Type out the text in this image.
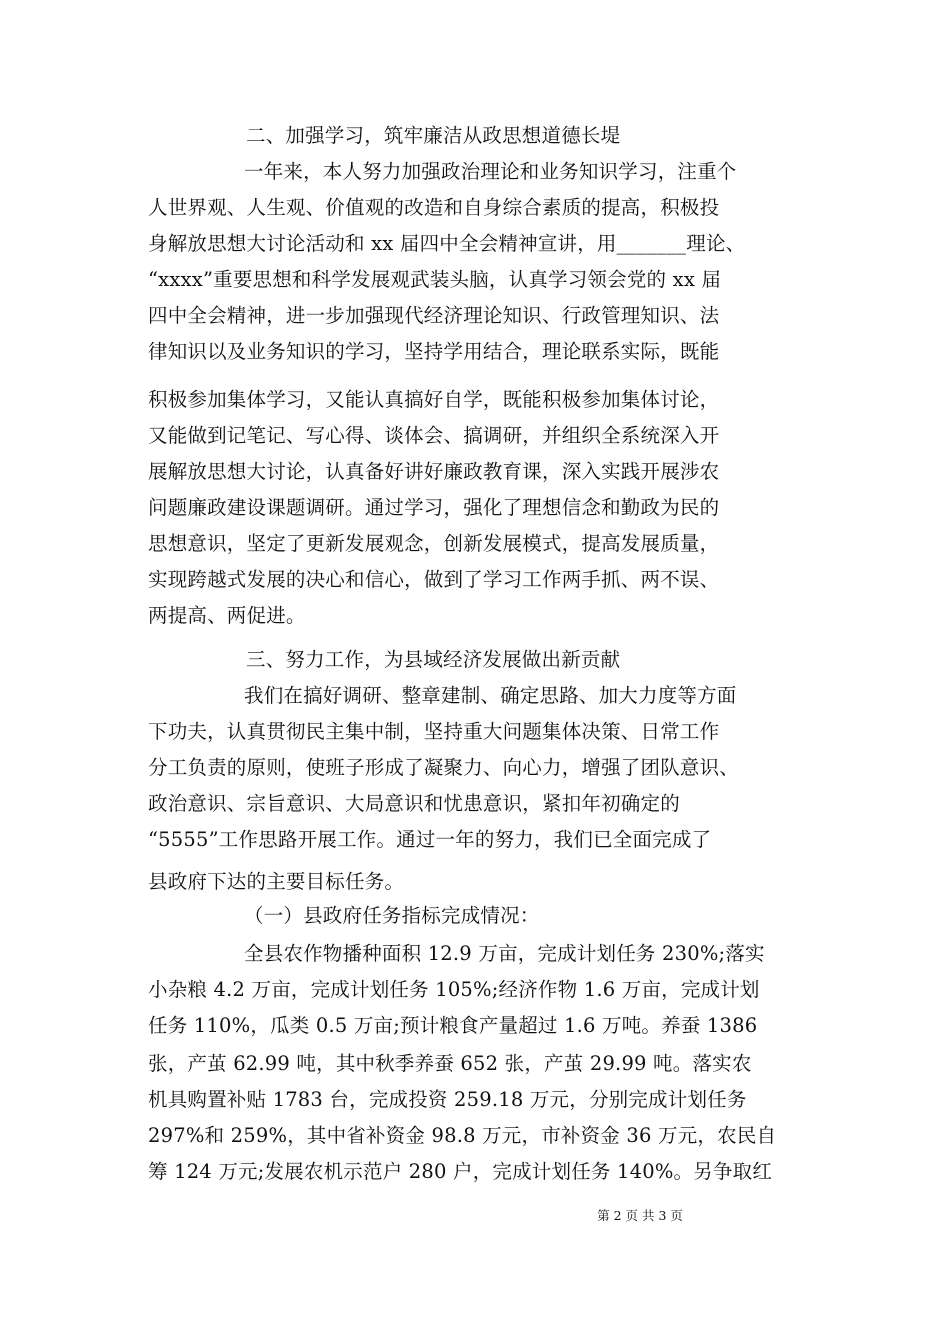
二、加强学习，筑牢廉洁从政思想道德长堤
一年来，本人努力加强政治理论和业务知识学习，注重个
人世界观、人生观、价值观的改造和自身综合素质的提高，积极投
身解放思想大讨论活动和 xx 届四中全会精神宣讲，用_______理论、
“xxxx”重要思想和科学发展观武装头脑，认真学习领会党的 xx 届
四中全会精神，进一步加强现代经济理论知识、行政管理知识、法
律知识以及业务知识的学习，坚持学用结合，理论联系实际，既能
积极参加集体学习，又能认真搞好自学，既能积极参加集体讨论，
又能做到记笔记、写心得、谈体会、搞调研，并组织全系统深入开
展解放思想大讨论，认真备好讲好廉政教育课，深入实践开展涉农
问题廉政建设课题调研。通过学习，强化了理想信念和勤政为民的
思想意识，坚定了更新发展观念，创新发展模式，提高发展质量，
实现跨越式发展的决心和信心，做到了学习工作两手抓、两不误、
两提高、两促进。
三、努力工作，为县域经济发展做出新贡献
我们在搞好调研、整章建制、确定思路、加大力度等方面
下功夫，认真贯彻民主集中制，坚持重大问题集体决策、日常工作
分工负责的原则，使班子形成了凝聚力、向心力，增强了团队意识、
政治意识、宗旨意识、大局意识和忧患意识，紧扣年初确定的
“5555”工作思路开展工作。通过一年的努力，我们已全面完成了
县政府下达的主要目标任务。
（一）县政府任务指标完成情况：
全县农作物播种面积 12.9 万亩，完成计划任务 230%;落实
小杂粮 4.2 万亩，完成计划任务 105%;经济作物 1.6 万亩，完成计划
任务 110%，瓜类 0.5 万亩;预计粮食产量超过 1.6 万吨。养蚕 1386
张，产茧 62.99 吨，其中秋季养蚕 652 张，产茧 29.99 吨。落实农
机具购置补贴 1783 台，完成投资 259.18 万元，分别完成计划任务
297%和 259%，其中省补资金 98.8 万元，市补资金 36 万元，农民自
筹 124 万元;发展农机示范户 280 户，完成计划任务 140%。另争取红
第 2 页 共 3 页
